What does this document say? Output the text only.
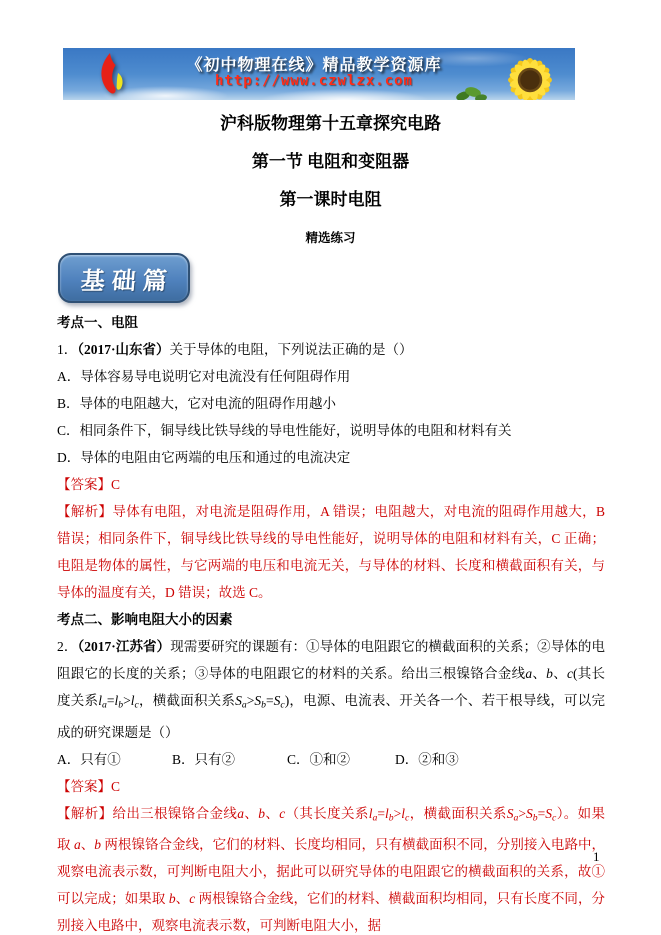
《初中物理在线》精品教学资源库
http://www.czwlzx.com

沪科版物理第十五章探究电路

第一节 电阻和变阻器

第一课时电阻

精选练习

基础篇

考点一、电阻

1．（2017·山东省）关于导体的电阻，下列说法正确的是（）

A．导体容易导电说明它对电流没有任何阻碍作用

B．导体的电阻越大，它对电流的阻碍作用越小

C．相同条件下，铜导线比铁导线的导电性能好，说明导体的电阻和材料有关

D．导体的电阻由它两端的电压和通过的电流决定

【答案】C

【解析】导体有电阻，对电流是阻碍作用，A 错误；电阻越大，对电流的阻碍作用越大，B 错误；相同条件下，铜导线比铁导线的导电性能好，说明导体的电阻和材料有关，C 正确；电阻是物体的属性，与它两端的电压和电流无关，与导体的材料、长度和横截面积有关，与导体的温度有关，D 错误；故选 C。

考点二、影响电阻大小的因素

2．（2017·江苏省）现需要研究的课题有：①导体的电阻跟它的横截面积的关系；②导体的电阻跟它的长度的关系；③导体的电阻跟它的材料的关系。给出三根镍铬合金线a、b、c(其长度关系$l_a=l_b>l_c$，横截面积关系$S_a>S_b=S_c$)，电源、电流表、开关各一个、若干根导线，可以完成的研究课题是（）

A．只有①	B．只有②	C．①和②	D．②和③

【答案】C

【解析】给出三根镍铬合金线a、b、c（其长度关系$l_a=l_b>l_c$，横截面积关系$S_a>S_b=S_c$）。如果取 a、b 两根镍铬合金线，它们的材料、长度均相同，只有横截面积不同，分别接入电路中，观察电流表示数，可判断电阻大小，据此可以研究导体的电阻跟它的横截面积的关系，故①可以完成；如果取 b、c 两根镍铬合金线，它们的材料、横截面积均相同，只有长度不同，分别接入电路中，观察电流表示数，可判断电阻大小，据

1
